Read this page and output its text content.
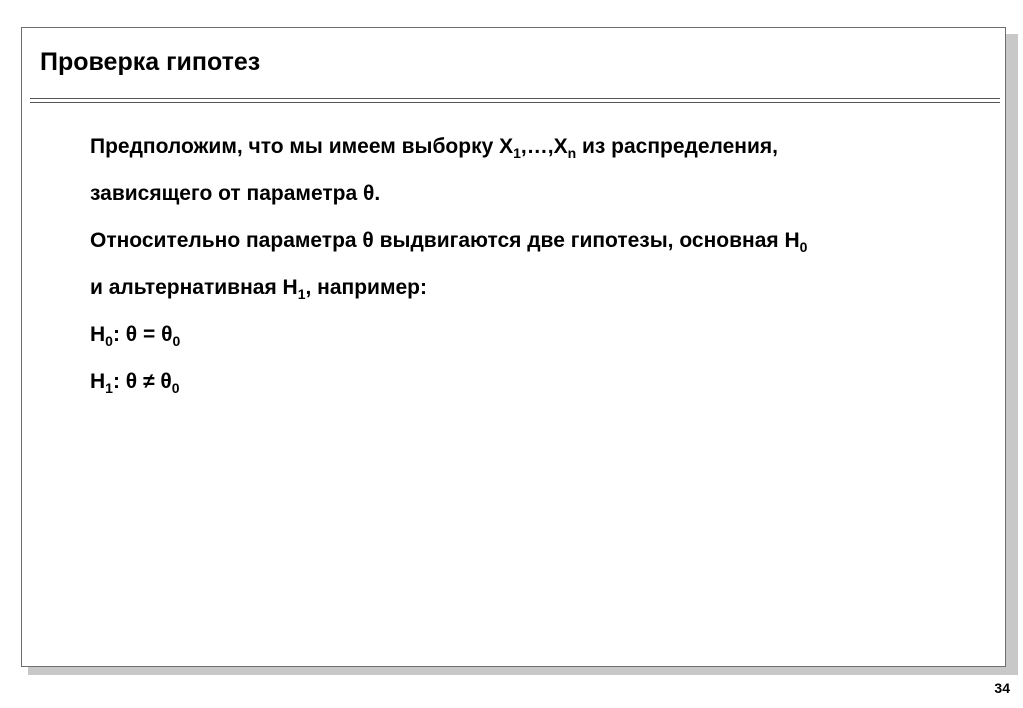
Проверка гипотез
Предположим, что мы имеем выборку $X_1,\dots,X_n$ из распределения,
зависящего от параметра θ.
Относительно параметра θ выдвигаются две гипотезы, основная $H_0$
и альтернативная $H_1$, например:
$H_0$: $\theta = \theta_0$
$H_1$: $\theta \ne \theta_0$
34
